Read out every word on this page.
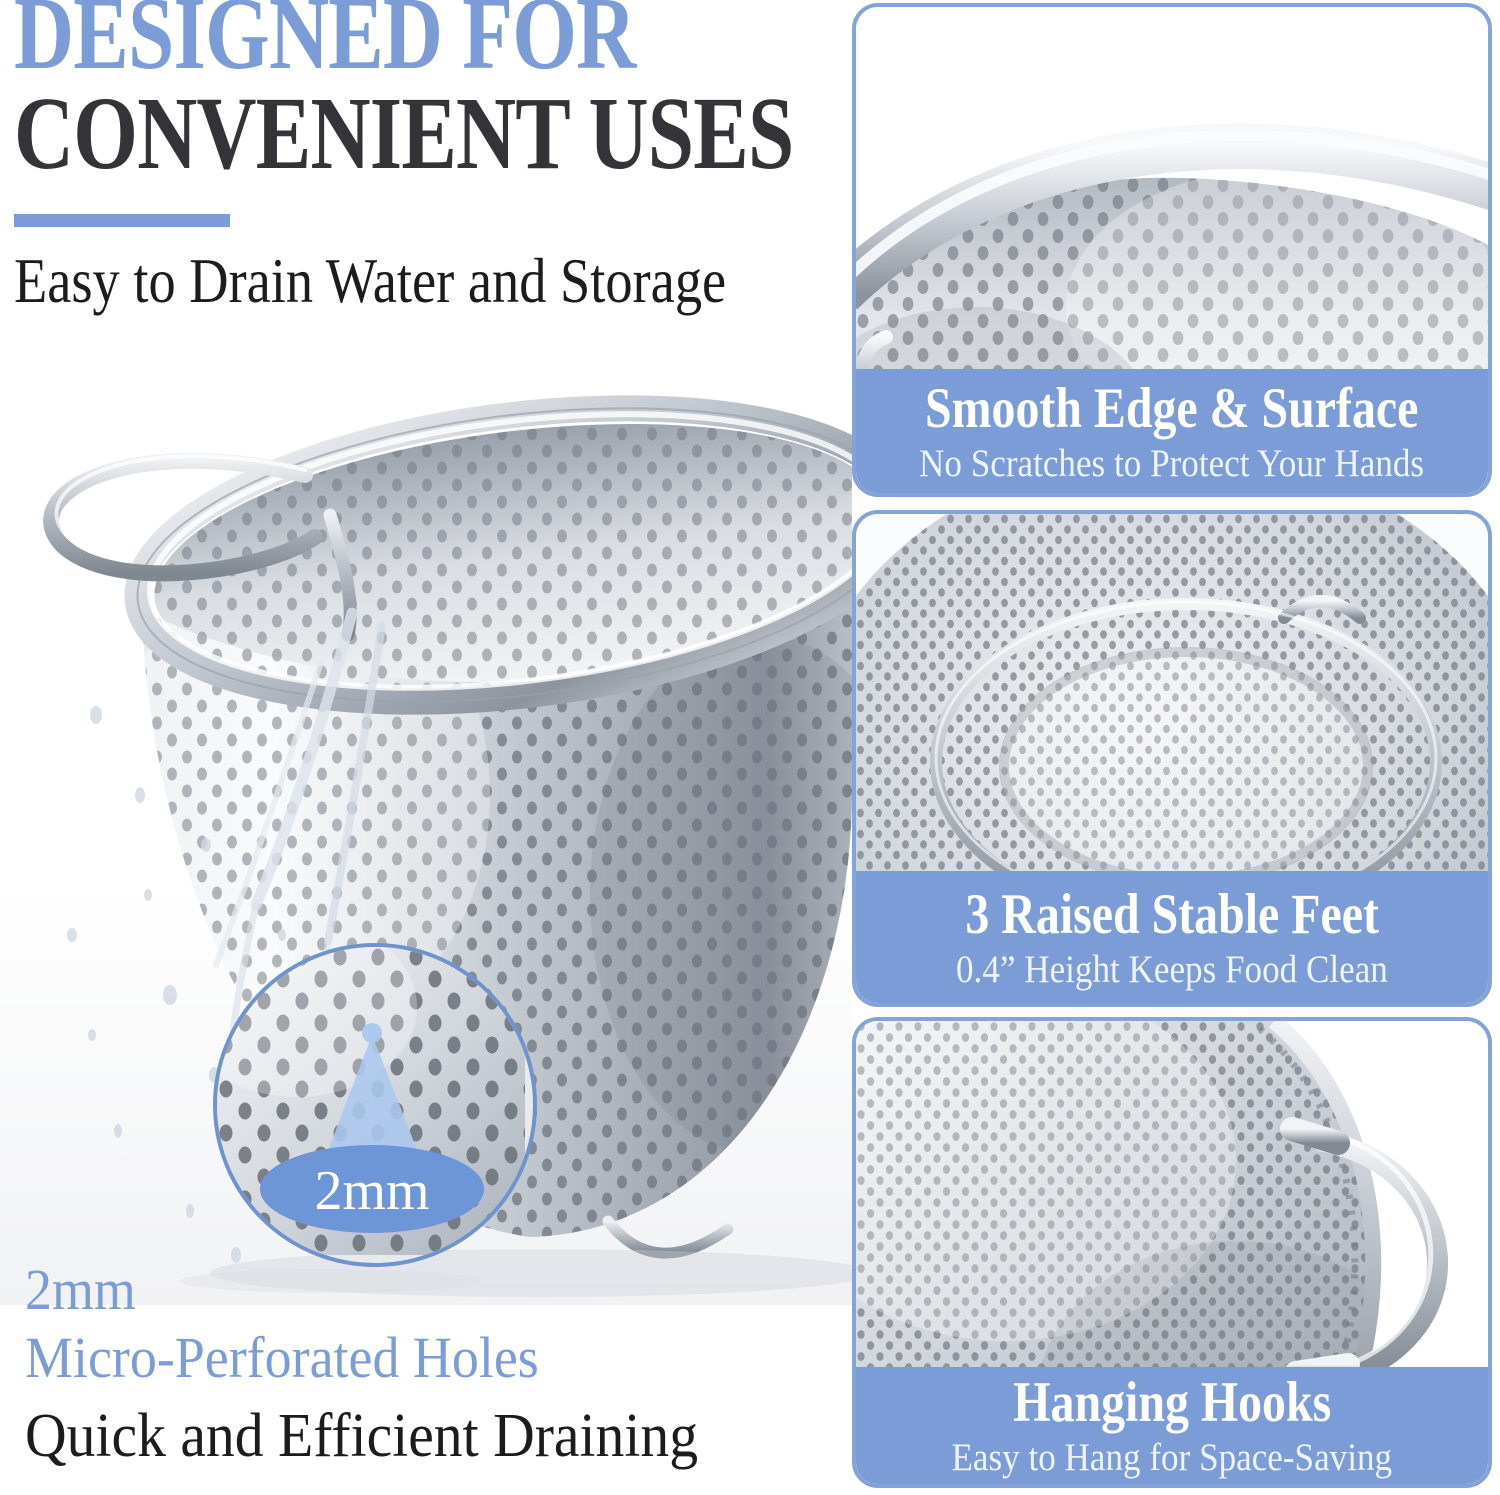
DESIGNED FOR
CONVENIENT USES
Easy to Drain Water and Storage
2mm
2mm
Micro-Perforated Holes
Quick and Efficient Draining
Smooth Edge & Surface
No Scratches to Protect Your Hands
3 Raised Stable Feet
0.4” Height Keeps Food Clean
Hanging Hooks
Easy to Hang for Space-Saving
